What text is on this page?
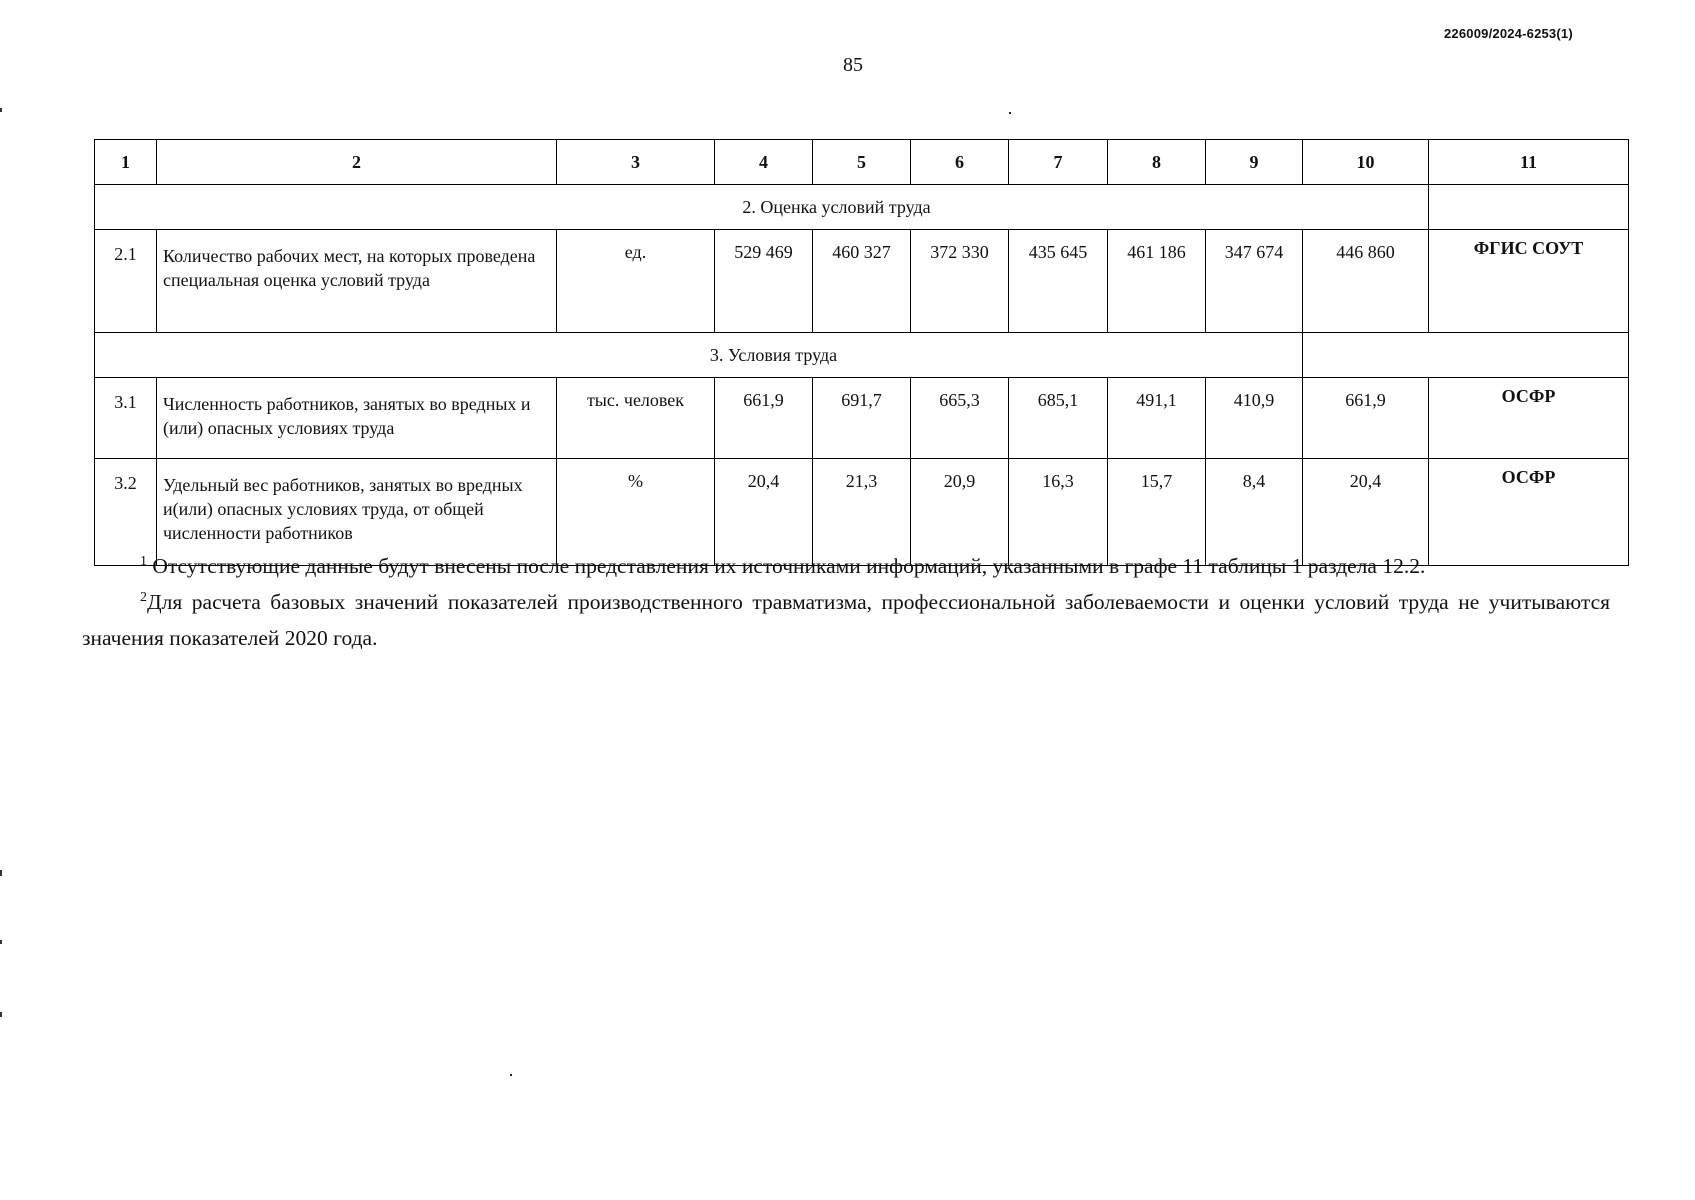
226009/2024-6253(1)
85
1	2	3	4	5	6	7	8	9	10	11
2. Оценка условий труда										
2.1	Количество рабочих мест, на которых проведена специальная оценка условий труда	ед.	529 469	460 327	372 330	435 645	461 186	347 674	446 860	ФГИС СОУТ
3. Условия труда										
3.1	Численность работников, занятых во вредных и (или) опасных условиях труда	тыс. человек	661,9	691,7	665,3	685,1	491,1	410,9	661,9	ОСФР
3.2	Удельный вес работников, занятых во вредных и(или) опасных условиях труда, от общей численности работников	%	20,4	21,3	20,9	16,3	15,7	8,4	20,4	ОСФР

$^1$ Отсутствующие данные будут внесены после представления их источниками информаций, указанными в графе 11 таблицы 1 раздела 12.2.

$^2$Для расчета базовых значений показателей производственного травматизма, профессиональной заболеваемости и оценки условий труда не учитываются значения показателей 2020 года.
